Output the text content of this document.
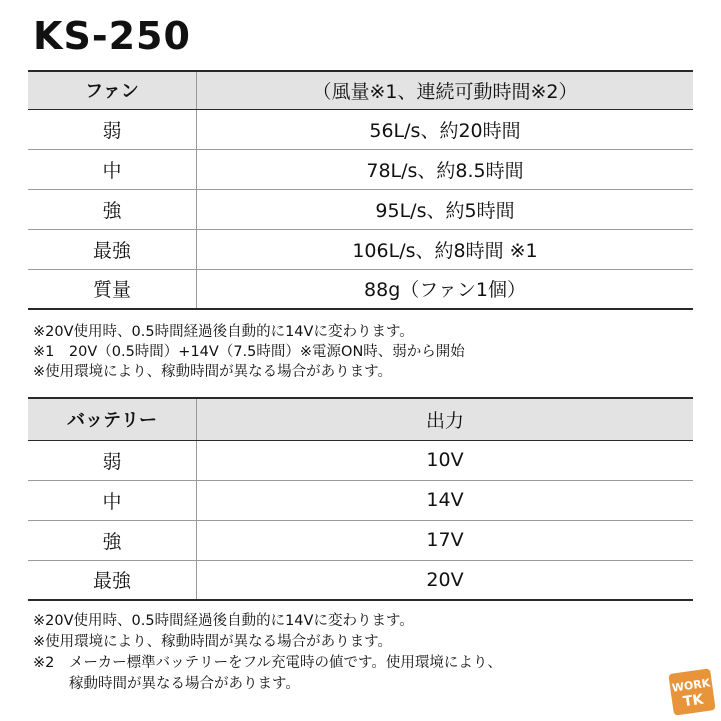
KS-250
ファン	（風量※1、連続可動時間※2）
弱	56L/s、約20時間
中	78L/s、約8.5時間
強	95L/s、約5時間
最強	106L/s、約8時間 ※1
質量	88g（ファン1個）
※20V使用時、0.5時間経過後自動的に14Vに変わります。
※1　20V（0.5時間）+14V（7.5時間）※電源ON時、弱から開始
※使用環境により、稼動時間が異なる場合があります。
バッテリー	出力
弱	10V
中	14V
強	17V
最強	20V
※20V使用時、0.5時間経過後自動的に14Vに変わります。
※使用環境により、稼動時間が異なる場合があります。
※2　メーカー標準バッテリーをフル充電時の値です。使用環境により、
稼動時間が異なる場合があります。	WORK
TK
